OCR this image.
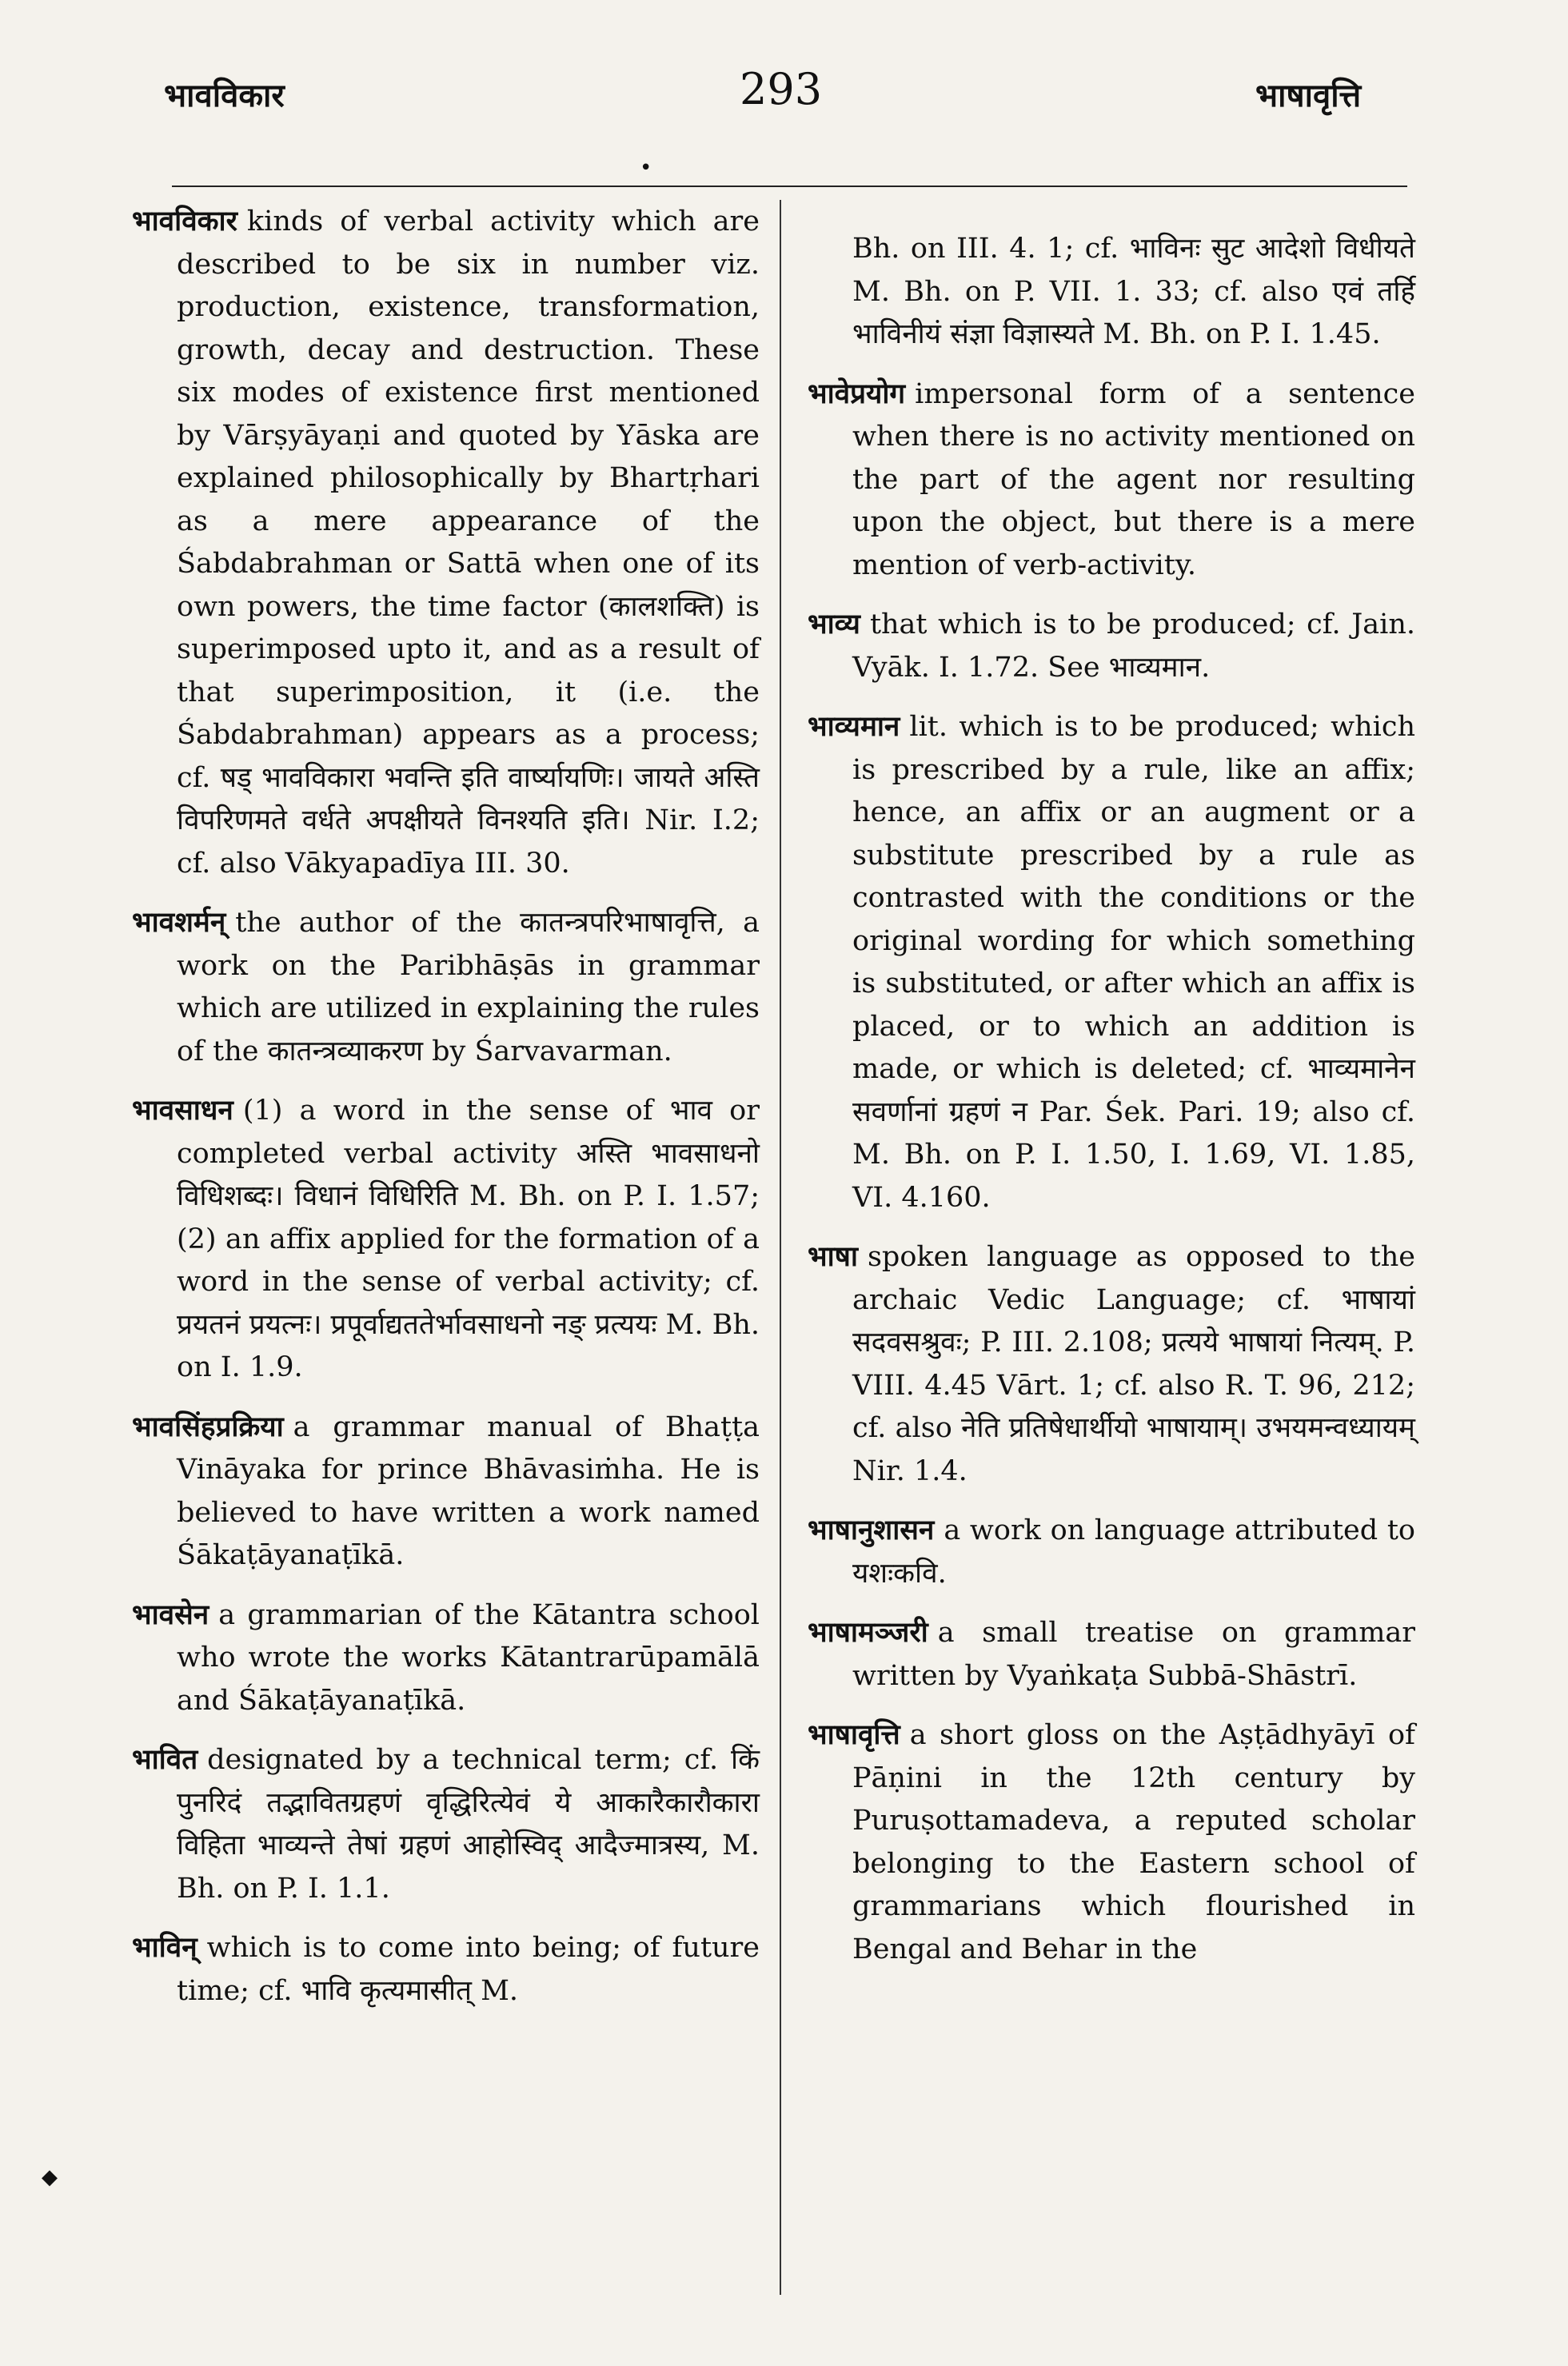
भावविकार	293	भाषावृत्ति
•

भावविकार kinds of verbal activity which are described to be six in number viz. production, existence, transformation, growth, decay and destruction. These six modes of existence first mentioned by Vārṣyāyaṇi and quoted by Yāska are explained philosophically by Bhartṛhari as a mere appearance of the Śabdabrahman or Sattā when one of its own powers, the time factor (कालशक्ति) is superimposed upto it, and as a result of that superimposition, it (i.e. the Śabdabrahman) appears as a process; cf. षड् भावविकारा भवन्ति इति वार्ष्यायणिः। जायते अस्ति विपरिणमते वर्धते अपक्षीयते विनश्यति इति। Nir. I.2; cf. also Vākyapadīya III. 30.

भावशर्मन् the author of the कातन्त्रपरिभाषावृत्ति, a work on the Paribhāṣās in grammar which are utilized in explaining the rules of the कातन्त्रव्याकरण by Śarvavarman.

भावसाधन (1) a word in the sense of भाव or completed verbal activity अस्ति भावसाधनो विधिशब्दः। विधानं विधिरिति M. Bh. on P. I. 1.57; (2) an affix applied for the formation of a word in the sense of verbal activity; cf. प्रयतनं प्रयत्नः। प्रपूर्वाद्यततेर्भावसाधनो नङ् प्रत्ययः M. Bh. on I. 1.9.

भावसिंहप्रक्रिया a grammar manual of Bhaṭṭa Vināyaka for prince Bhāvasiṁha. He is believed to have written a work named Śākaṭāyanaṭīkā.

भावसेन a grammarian of the Kātantra school who wrote the works Kātantrarūpamālā and Śākaṭāyanaṭīkā.

भावित designated by a technical term; cf. किं पुनरिदं तद्भावितग्रहणं वृद्धिरित्येवं ये आकारैकारौकारा विहिता भाव्यन्ते तेषां ग्रहणं आहोस्विद् आदैज्मात्रस्य, M. Bh. on P. I. 1.1.

भाविन् which is to come into being; of future time; cf. भावि कृत्यमासीत् M.

Bh. on III. 4. 1; cf. भाविनः सुट आदेशो विधीयते M. Bh. on P. VII. 1. 33; cf. also एवं तर्हि भाविनीयं संज्ञा विज्ञास्यते M. Bh. on P. I. 1.45.

भावेप्रयोग impersonal form of a sentence when there is no activity mentioned on the part of the agent nor resulting upon the object, but there is a mere mention of verb-activity.

भाव्य that which is to be produced; cf. Jain. Vyāk. I. 1.72. See भाव्यमान.

भाव्यमान lit. which is to be produced; which is prescribed by a rule, like an affix; hence, an affix or an augment or a substitute prescribed by a rule as contrasted with the conditions or the original wording for which something is substituted, or after which an affix is placed, or to which an addition is made, or which is deleted; cf. भाव्यमानेन सवर्णानां ग्रहणं न Par. Śek. Pari. 19; also cf. M. Bh. on P. I. 1.50, I. 1.69, VI. 1.85, VI. 4.160.

भाषा spoken language as opposed to the archaic Vedic Language; cf. भाषायां सदवसश्रुवः; P. III. 2.108; प्रत्यये भाषायां नित्यम्. P. VIII. 4.45 Vārt. 1; cf. also R. T. 96, 212; cf. also नेति प्रतिषेधार्थीयो भाषायाम्। उभयमन्वध्यायम् Nir. 1.4.

भाषानुशासन a work on language attributed to यशःकवि.

भाषामञ्जरी a small treatise on grammar written by Vyaṅkaṭa Subbā-Shāstrī.

भाषावृत्ति a short gloss on the Aṣṭādhyāyī of Pāṇini in the 12th century by Puruṣottamadeva, a reputed scholar belonging to the Eastern school of grammarians which flourished in Bengal and Behar in the

◆
